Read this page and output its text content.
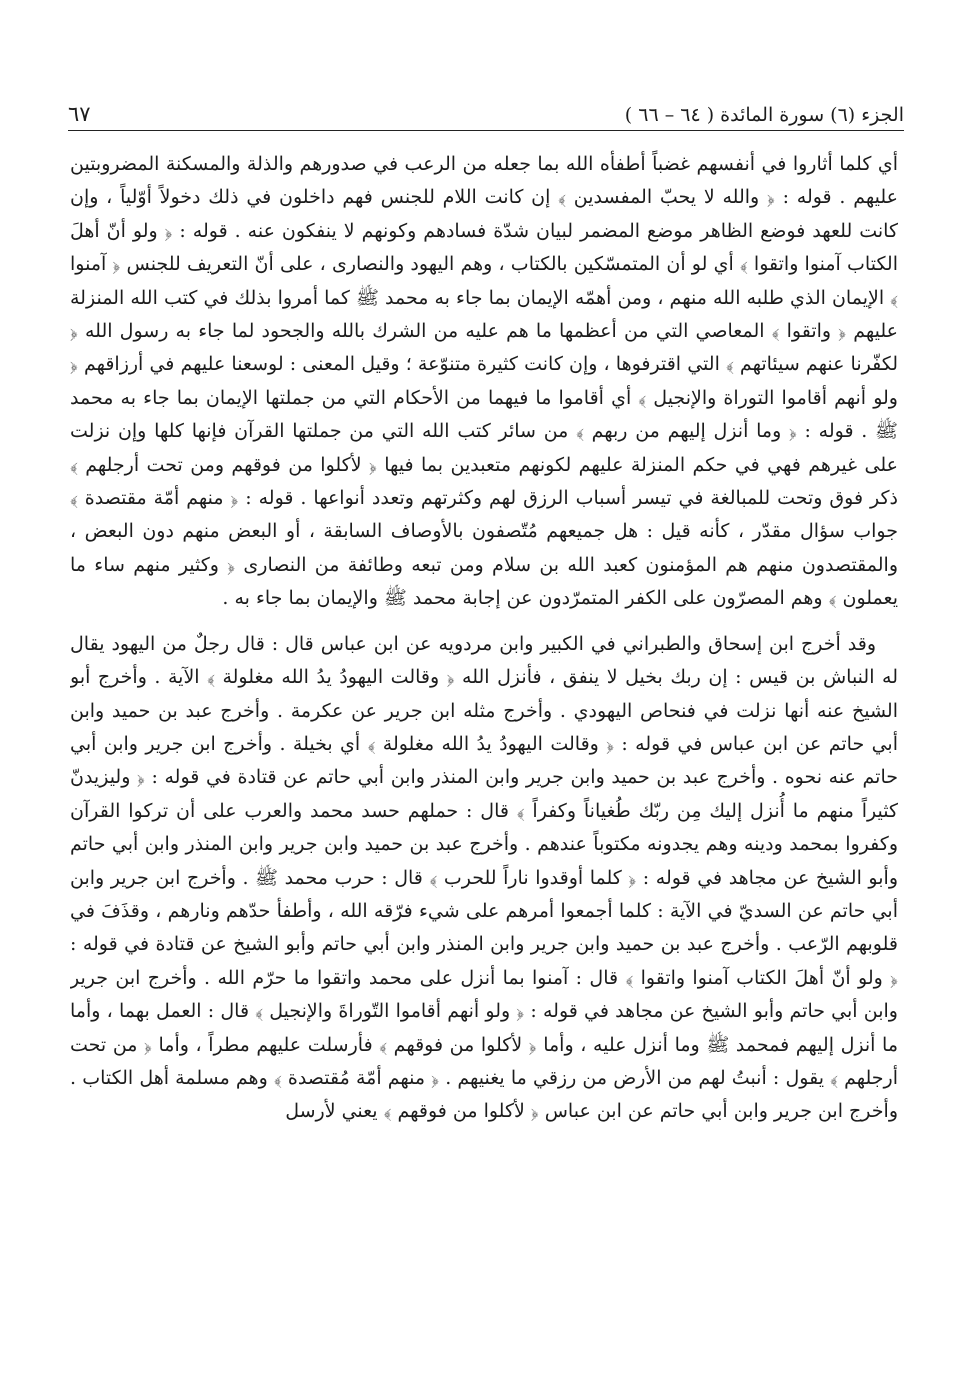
٦٧	الجزء (٦) سورة المائدة ( ٦٤ – ٦٦ )

أي كلما أثاروا في أنفسهم غضباً أطفأه الله بما جعله من الرعب في صدورهم والذلة والمسكنة المضروبتين عليهم . قوله : ﴿ والله لا يحبّ المفسدين ﴾ إن كانت اللام للجنس فهم داخلون في ذلك دخولاً أوّلياً ، وإن كانت للعهد فوضع الظاهر موضع المضمر لبيان شدّة فسادهم وكونهم لا ينفكون عنه . قوله : ﴿ ولو أنّ أهلَ الكتاب آمنوا واتقوا ﴾ أي لو أن المتمسّكين بالكتاب ، وهم اليهود والنصارى ، على أنّ التعريف للجنس ﴿ آمنوا ﴾ الإيمان الذي طلبه الله منهم ، ومن أهمّه الإيمان بما جاء به محمد ﷺ كما أمروا بذلك في كتب الله المنزلة عليهم ﴿ واتقوا ﴾ المعاصي التي من أعظمها ما هم عليه من الشرك بالله والجحود لما جاء به رسول الله ﴿ لكفّرنا عنهم سيئاتهم ﴾ التي اقترفوها ، وإن كانت كثيرة متنوّعة ؛ وقيل المعنى : لوسعنا عليهم في أرزاقهم ﴿ ولو أنهم أقاموا التوراة والإنجيل ﴾ أي أقاموا ما فيهما من الأحكام التي من جملتها الإيمان بما جاء به محمد ﷺ . قوله : ﴿ وما أنزل إليهم من ربهم ﴾ من سائر كتب الله التي من جملتها القرآن فإنها كلها وإن نزلت على غيرهم فهي في حكم المنزلة عليهم لكونهم متعبدين بما فيها ﴿ لأكلوا من فوقهم ومن تحت أرجلهم ﴾ ذكر فوق وتحت للمبالغة في تيسر أسباب الرزق لهم وكثرتهم وتعدد أنواعها . قوله : ﴿ منهم أمّة مقتصدة ﴾ جواب سؤال مقدّر ، كأنه قيل : هل جميعهم مُتّصفون بالأوصاف السابقة ، أو البعض منهم دون البعض ، والمقتصدون منهم هم المؤمنون كعبد الله بن سلام ومن تبعه وطائفة من النصارى ﴿ وكثير منهم ساء ما يعملون ﴾ وهم المصرّون على الكفر المتمرّدون عن إجابة محمد ﷺ والإيمان بما جاء به .

وقد أخرج ابن إسحاق والطبراني في الكبير وابن مردويه عن ابن عباس قال : قال رجلٌ من اليهود يقال له النباش بن قيس : إن ربك بخيل لا ينفق ، فأنزل الله ﴿ وقالت اليهودُ يدُ الله مغلولة ﴾ الآية . وأخرج أبو الشيخ عنه أنها نزلت في فنحاص اليهودي . وأخرج مثله ابن جرير عن عكرمة . وأخرج عبد بن حميد وابن أبي حاتم عن ابن عباس في قوله : ﴿ وقالت اليهودُ يدُ الله مغلولة ﴾ أي بخيلة . وأخرج ابن جرير وابن أبي حاتم عنه نحوه . وأخرج عبد بن حميد وابن جرير وابن المنذر وابن أبي حاتم عن قتادة في قوله : ﴿ وليزيدنّ كثيراً منهم ما أُنزل إليك مِن ربّك طُغياناً وكفراً ﴾ قال : حملهم حسد محمد والعرب على أن تركوا القرآن وكفروا بمحمد ودينه وهم يجدونه مكتوباً عندهم . وأخرج عبد بن حميد وابن جرير وابن المنذر وابن أبي حاتم وأبو الشيخ عن مجاهد في قوله : ﴿ كلما أوقدوا ناراً للحرب ﴾ قال : حرب محمد ﷺ . وأخرج ابن جرير وابن أبي حاتم عن السديّ في الآية : كلما أجمعوا أمرهم على شيء فرّقه الله ، وأطفأ حدّهم ونارهم ، وقذَفَ في قلوبهم الرّعب . وأخرج عبد بن حميد وابن جرير وابن المنذر وابن أبي حاتم وأبو الشيخ عن قتادة في قوله : ﴿ ولو أنّ أهلَ الكتاب آمنوا واتقوا ﴾ قال : آمنوا بما أنزل على محمد واتقوا ما حرّم الله . وأخرج ابن جرير وابن أبي حاتم وأبو الشيخ عن مجاهد في قوله : ﴿ ولو أنهم أقاموا التّوراةَ والإنجيل ﴾ قال : العمل بهما ، وأما ما أنزل إليهم فمحمد ﷺ وما أنزل عليه ، وأما ﴿ لأكلوا من فوقهم ﴾ فأرسلت عليهم مطراً ، وأما ﴿ من تحت أرجلهم ﴾ يقول : أنبتُ لهم من الأرض من رزقي ما يغنيهم . ﴿ منهم أمّة مُقتصدة ﴾ وهم مسلمة أهل الكتاب . وأخرج ابن جرير وابن أبي حاتم عن ابن عباس ﴿ لأكلوا من فوقهم ﴾ يعني لأرسل
